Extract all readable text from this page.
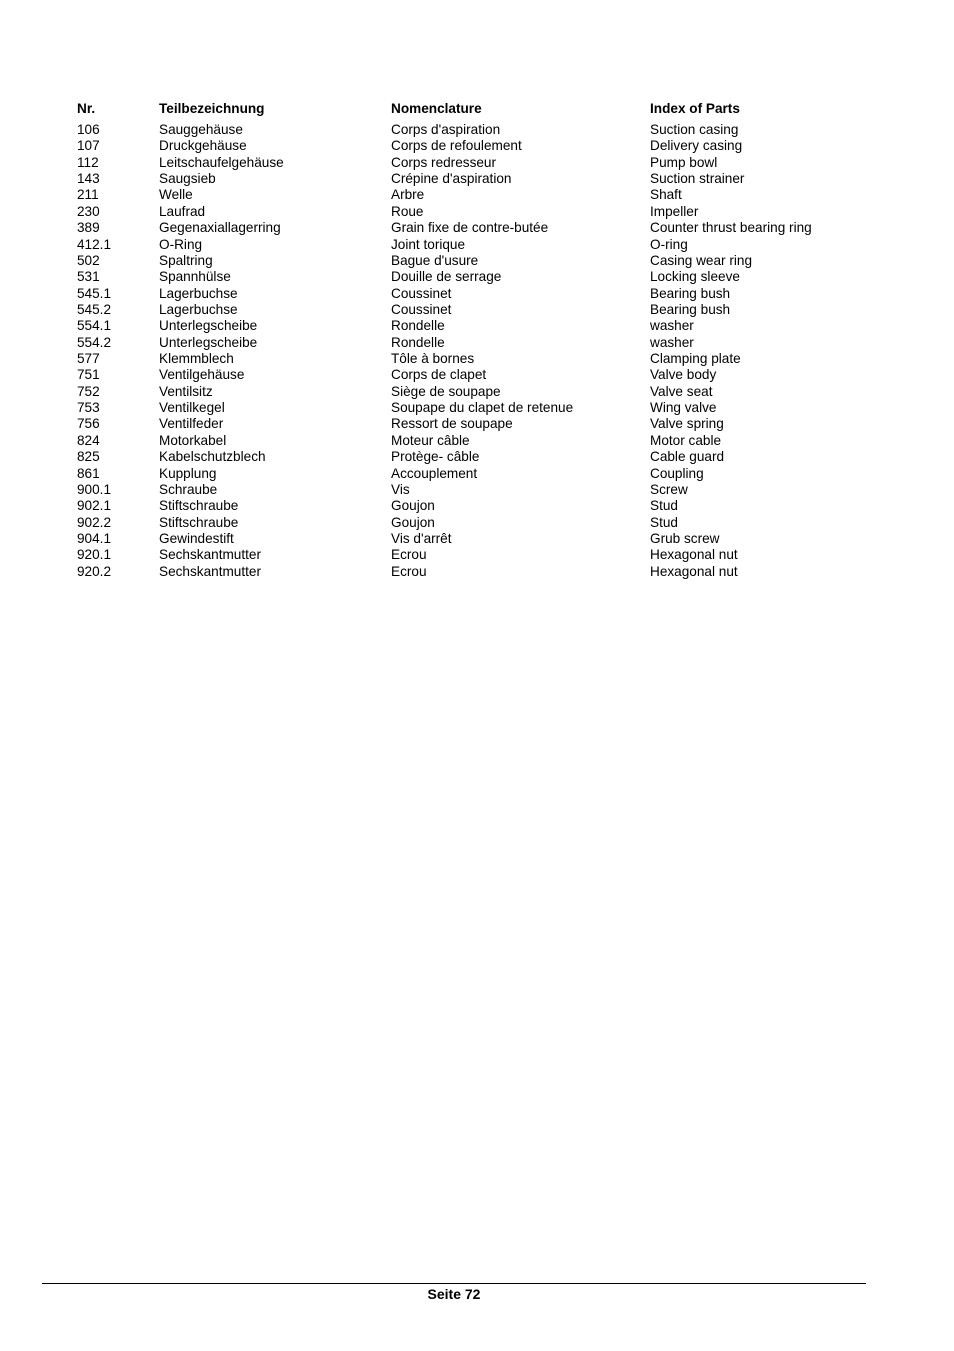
Nr.	Teilbezeichnung	Nomenclature	Index of Parts
106	Sauggehäuse	Corps d'aspiration	Suction casing
107	Druckgehäuse	Corps de refoulement	Delivery casing
112	Leitschaufelgehäuse	Corps redresseur	Pump bowl
143	Saugsieb	Crépine d'aspiration	Suction strainer
211	Welle	Arbre	Shaft
230	Laufrad	Roue	Impeller
389	Gegenaxiallagerring	Grain fixe de contre-butée	Counter thrust bearing ring
412.1	O-Ring	Joint torique	O-ring
502	Spaltring	Bague d'usure	Casing wear ring
531	Spannhülse	Douille de serrage	Locking sleeve
545.1	Lagerbuchse	Coussinet	Bearing bush
545.2	Lagerbuchse	Coussinet	Bearing bush
554.1	Unterlegscheibe	Rondelle	washer
554.2	Unterlegscheibe	Rondelle	washer
577	Klemmblech	Tôle à bornes	Clamping plate
751	Ventilgehäuse	Corps de clapet	Valve body
752	Ventilsitz	Siège de soupape	Valve seat
753	Ventilkegel	Soupape du clapet de retenue	Wing valve
756	Ventilfeder	Ressort de soupape	Valve spring
824	Motorkabel	Moteur câble	Motor cable
825	Kabelschutzblech	Protège- câble	Cable guard
861	Kupplung	Accouplement	Coupling
900.1	Schraube	Vis	Screw
902.1	Stiftschraube	Goujon	Stud
902.2	Stiftschraube	Goujon	Stud
904.1	Gewindestift	Vis d'arrêt	Grub screw
920.1	Sechskantmutter	Ecrou	Hexagonal nut
920.2	Sechskantmutter	Ecrou	Hexagonal nut
Seite 72
